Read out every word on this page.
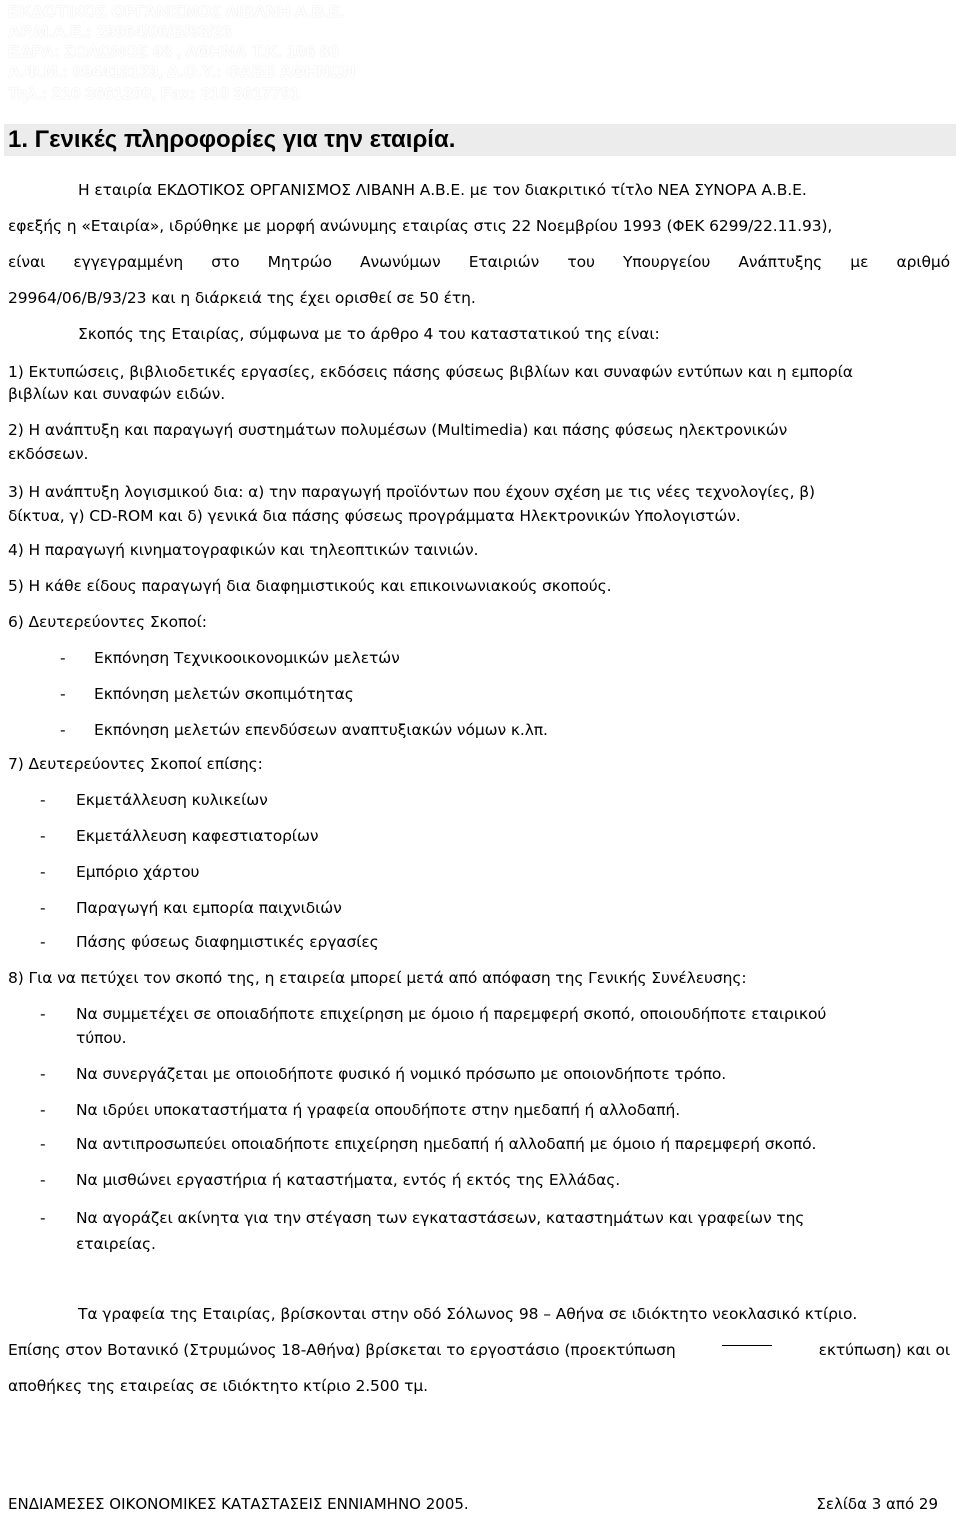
ΕΚΔΟΤΙΚΟΣ ΟΡΓΑΝΙΣΜΟΣ ΛΙΒΑΝΗ Α.Β.Ε.
ΑΡ.Μ.Α.Ε.: 29964/06/Β/93/23
ΕΔΡΑ: ΣΟΛΩΝΟΣ 98 , ΑΘΗΝΑ Τ.Κ. 106 80
Α.Φ.Μ.: 094418139, Δ.Ο.Υ.: ΦΑΒΕ ΑΘΗΝΩΝ
Τηλ.: 210 3661200, Fax: 210 3617791
1. Γενικές πληροφορίες για την εταιρία.
Η εταιρία ΕΚΔΟΤΙΚΟΣ ΟΡΓΑΝΙΣΜΟΣ ΛΙΒΑΝΗ Α.Β.Ε. με τον διακριτικό τίτλο ΝΕΑ ΣΥΝΟΡΑ Α.Β.Ε.
εφεξής η «Εταιρία», ιδρύθηκε με μορφή ανώνυμης εταιρίας στις 22 Νοεμβρίου 1993 (ΦΕΚ 6299/22.11.93),
είναι εγγεγραμμένη στο Μητρώο Ανωνύμων Εταιριών του Υπουργείου Ανάπτυξης με αριθμό
29964/06/Β/93/23 και η διάρκειά της έχει ορισθεί σε 50 έτη.
Σκοπός της Εταιρίας, σύμφωνα με το άρθρο 4 του καταστατικού της είναι:
1) Εκτυπώσεις, βιβλιοδετικές εργασίες, εκδόσεις πάσης φύσεως βιβλίων και συναφών εντύπων και η εμπορία
βιβλίων και συναφών ειδών.
2) Η ανάπτυξη και παραγωγή συστημάτων πολυμέσων (Multimedia) και πάσης φύσεως ηλεκτρονικών
εκδόσεων.
3) Η ανάπτυξη λογισμικού δια: α) την παραγωγή προϊόντων που έχουν σχέση με τις νέες τεχνολογίες, β)
δίκτυα, γ) CD-ROM και δ) γενικά δια πάσης φύσεως προγράμματα Ηλεκτρονικών Υπολογιστών.
4) Η παραγωγή κινηματογραφικών και τηλεοπτικών ταινιών.
5) Η κάθε είδους παραγωγή δια διαφημιστικούς και επικοινωνιακούς σκοπούς.
6) Δευτερεύοντες Σκοποί:
- Εκπόνηση Τεχνικοοικονομικών μελετών
- Εκπόνηση μελετών σκοπιμότητας
- Εκπόνηση μελετών επενδύσεων αναπτυξιακών νόμων κ.λπ.
7) Δευτερεύοντες Σκοποί επίσης:
- Εκμετάλλευση κυλικείων
- Εκμετάλλευση καφεστιατορίων
- Εμπόριο χάρτου
- Παραγωγή και εμπορία παιχνιδιών
- Πάσης φύσεως διαφημιστικές εργασίες
8) Για να πετύχει τον σκοπό της, η εταιρεία μπορεί μετά από απόφαση της Γενικής Συνέλευσης:
- Να συμμετέχει σε οποιαδήποτε επιχείρηση με όμοιο ή παρεμφερή σκοπό, οποιουδήποτε εταιρικού
τύπου.
- Να συνεργάζεται με οποιοδήποτε φυσικό ή νομικό πρόσωπο με οποιονδήποτε τρόπο.
- Να ιδρύει υποκαταστήματα ή γραφεία οπουδήποτε στην ημεδαπή ή αλλοδαπή.
- Να αντιπροσωπεύει οποιαδήποτε επιχείρηση ημεδαπή ή αλλοδαπή με όμοιο ή παρεμφερή σκοπό.
- Να μισθώνει εργαστήρια ή καταστήματα, εντός ή εκτός της Ελλάδας.
- Να αγοράζει ακίνητα για την στέγαση των εγκαταστάσεων, καταστημάτων και γραφείων της
εταιρείας.
Τα γραφεία της Εταιρίας, βρίσκονται στην οδό Σόλωνος 98 – Αθήνα σε ιδιόκτητο νεοκλασικό κτίριο.
Επίσης στον Βοτανικό (Στρυμώνος 18-Αθήνα) βρίσκεται το εργοστάσιο (προεκτύπωση	εκτύπωση) και οι
αποθήκες της εταιρείας σε ιδιόκτητο κτίριο 2.500 τμ.
ΕΝΔΙΑΜΕΣΕΣ ΟΙΚΟΝΟΜΙΚΕΣ ΚΑΤΑΣΤΑΣΕΙΣ ΕΝΝΙΑΜΗΝΟ 2005.	Σελίδα 3 από 29
